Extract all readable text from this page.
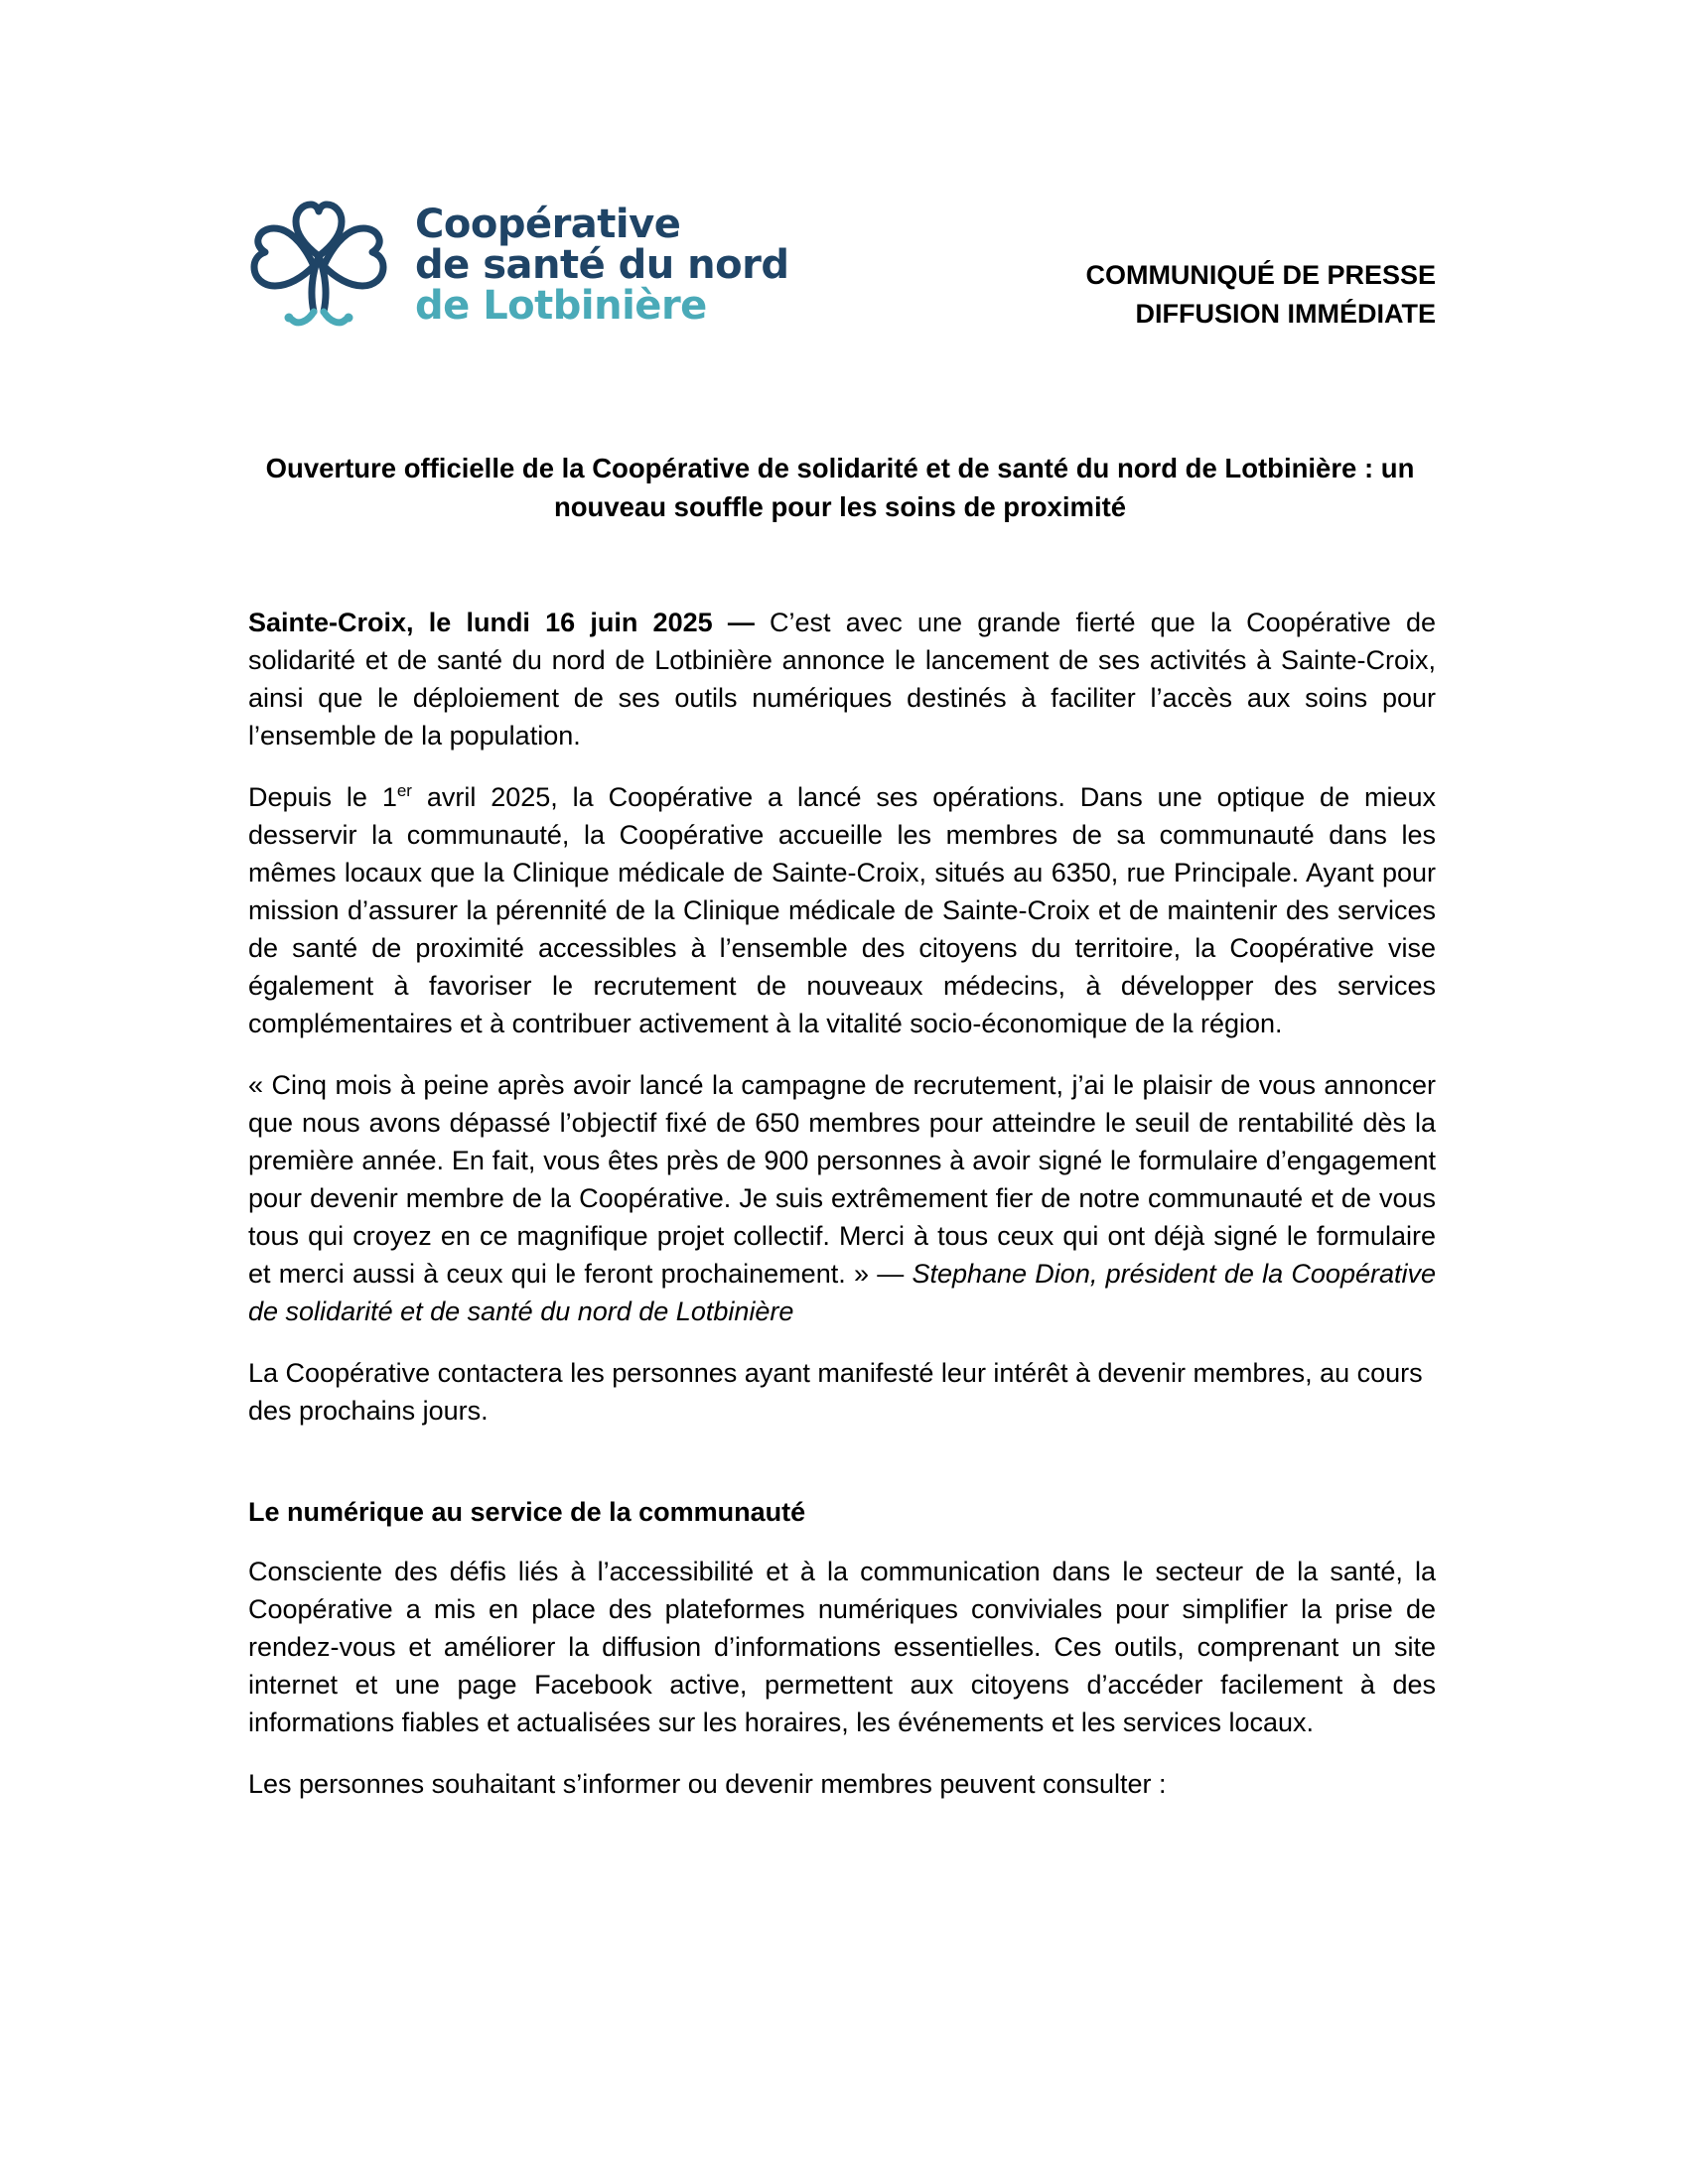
Coopérative
de santé du nord
de Lotbinière
COMMUNIQUÉ DE PRESSE
DIFFUSION IMMÉDIATE
Ouverture officielle de la Coopérative de solidarité et de santé du nord de Lotbinière : un nouveau souffle pour les soins de proximité

Sainte-Croix, le lundi 16 juin 2025 — C’est avec une grande fierté que la Coopérative de solidarité et de santé du nord de Lotbinière annonce le lancement de ses activités à Sainte-Croix, ainsi que le déploiement de ses outils numériques destinés à faciliter l’accès aux soins pour l’ensemble de la population.

Depuis le 1er avril 2025, la Coopérative a lancé ses opérations. Dans une optique de mieux desservir la communauté, la Coopérative accueille les membres de sa communauté dans les mêmes locaux que la Clinique médicale de Sainte-Croix, situés au 6350, rue Principale. Ayant pour mission d’assurer la pérennité de la Clinique médicale de Sainte-Croix et de maintenir des services de santé de proximité accessibles à l’ensemble des citoyens du territoire, la Coopérative vise également à favoriser le recrutement de nouveaux médecins, à développer des services complémentaires et à contribuer activement à la vitalité socio-économique de la région.

« Cinq mois à peine après avoir lancé la campagne de recrutement, j’ai le plaisir de vous annoncer que nous avons dépassé l’objectif fixé de 650 membres pour atteindre le seuil de rentabilité dès la première année. En fait, vous êtes près de 900 personnes à avoir signé le formulaire d’engagement pour devenir membre de la Coopérative. Je suis extrêmement fier de notre communauté et de vous tous qui croyez en ce magnifique projet collectif. Merci à tous ceux qui ont déjà signé le formulaire et merci aussi à ceux qui le feront prochainement. » — Stephane Dion, président de la Coopérative de solidarité et de santé du nord de Lotbinière

La Coopérative contactera les personnes ayant manifesté leur intérêt à devenir membres, au cours des prochains jours.

Le numérique au service de la communauté

Consciente des défis liés à l’accessibilité et à la communication dans le secteur de la santé, la Coopérative a mis en place des plateformes numériques conviviales pour simplifier la prise de rendez-vous et améliorer la diffusion d’informations essentielles. Ces outils, comprenant un site internet et une page Facebook active, permettent aux citoyens d’accéder facilement à des informations fiables et actualisées sur les horaires, les événements et les services locaux.

Les personnes souhaitant s’informer ou devenir membres peuvent consulter :
